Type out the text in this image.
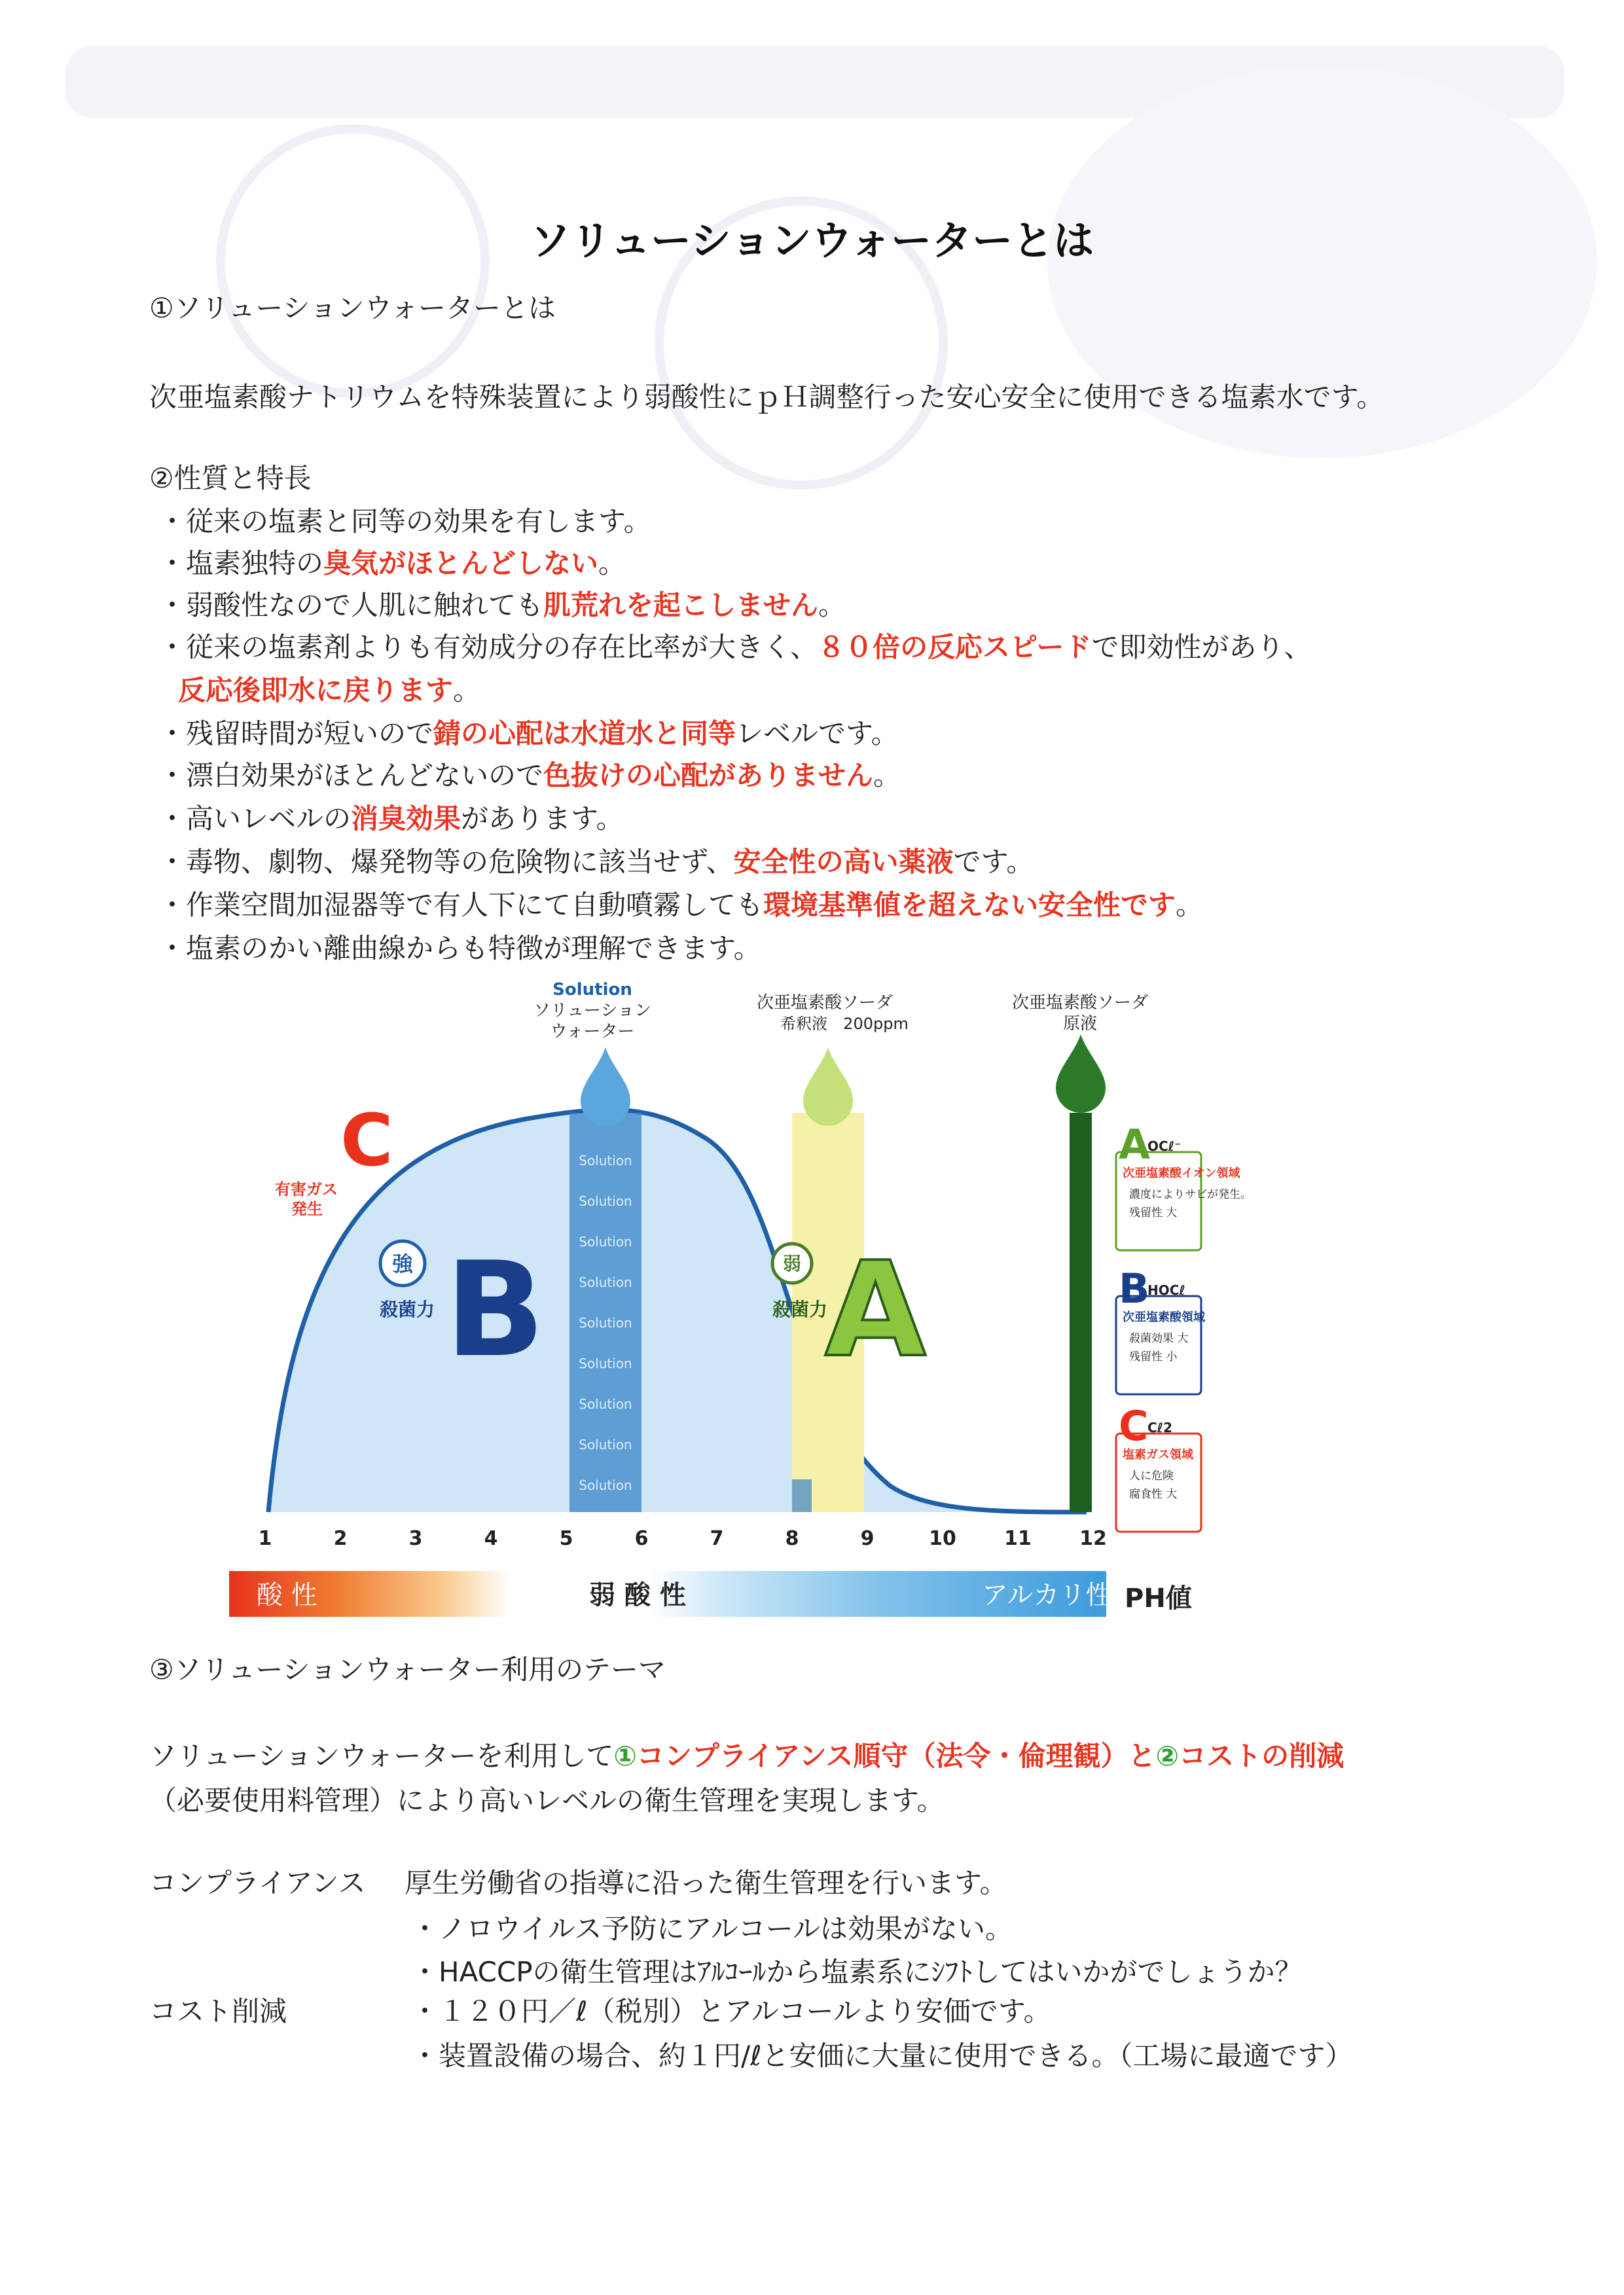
ソリューションウォーターとは
①ソリューションウォーターとは
次亜塩素酸ナトリウムを特殊装置により弱酸性にｐＨ調整行った安心安全に使用できる塩素水です。
②性質と特長
・従来の塩素と同等の効果を有します。
・塩素独特の臭気がほとんどしない。
・弱酸性なので人肌に触れても肌荒れを起こしません。
・従来の塩素剤よりも有効成分の存在比率が大きく、８０倍の反応スピードで即効性があり、
反応後即水に戻ります。
・残留時間が短いので錆の心配は水道水と同等レベルです。
・漂白効果がほとんどないので色抜けの心配がありません。
・高いレベルの消臭効果があります。
・毒物、劇物、爆発物等の危険物に該当せず、安全性の高い薬液です。
・作業空間加湿器等で有人下にて自動噴霧しても環境基準値を超えない安全性です。
・塩素のかい離曲線からも特徴が理解できます。
Solution
Solution
Solution
Solution
Solution
Solution
Solution
Solution
Solution
Solution
ソリューション
ウォーター
次亜塩素酸ソーダ
希釈液　200ppm
次亜塩素酸ソーダ
原液
C
有害ガス
発生
B A
強
殺菌力
弱
殺菌力
1	2	3	4	5	6	7	8	9	10 11 12
A
OCℓ⁻
次亜塩素酸イオン領域
濃度によりサビが発生。
残留性 大
B
HOCℓ
次亜塩素酸領域
殺菌効果 大
残留性 小
C
Cℓ2
塩素ガス領域
人に危険
腐食性 大
酸 性	弱 酸 性	アルカリ性 PH値
③ソリューションウォーター利用のテーマ
ソリューションウォーターを利用して①コンプライアンス順守（法令・倫理観）と②コストの削減
（必要使用料管理）により高いレベルの衛生管理を実現します。
コンプライアンス 厚生労働省の指導に沿った衛生管理を行います。
・ノロウイルス予防にアルコールは効果がない。
・HACCPの衛生管理はｱﾙｺｰﾙから塩素系にｼﾌﾄしてはいかがでしょうか？
コスト削減	・１２０円／ℓ（税別）とアルコールより安価です。
・装置設備の場合、約１円/ℓと安価に大量に使用できる。（工場に最適です）
